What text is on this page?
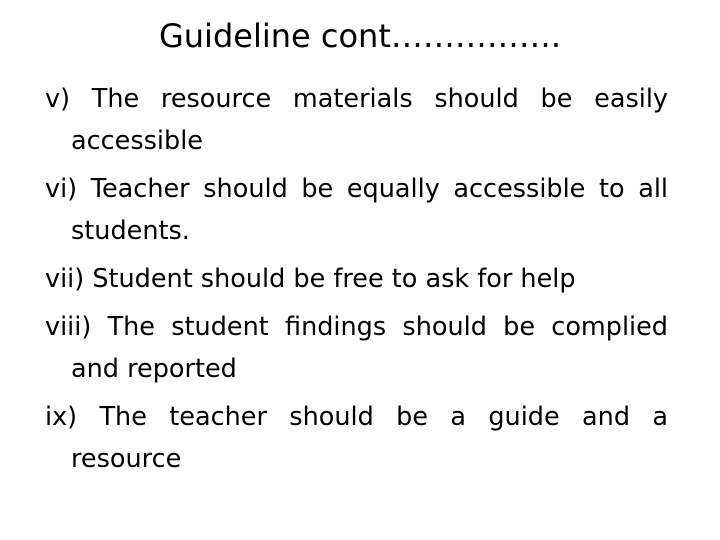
Guideline cont…………….
v) The resource materials should be easily accessible
vi) Teacher should be equally accessible to all students.
vii) Student should be free to ask for help
viii) The student findings should be complied and reported
ix) The teacher should be a guide and a resource
